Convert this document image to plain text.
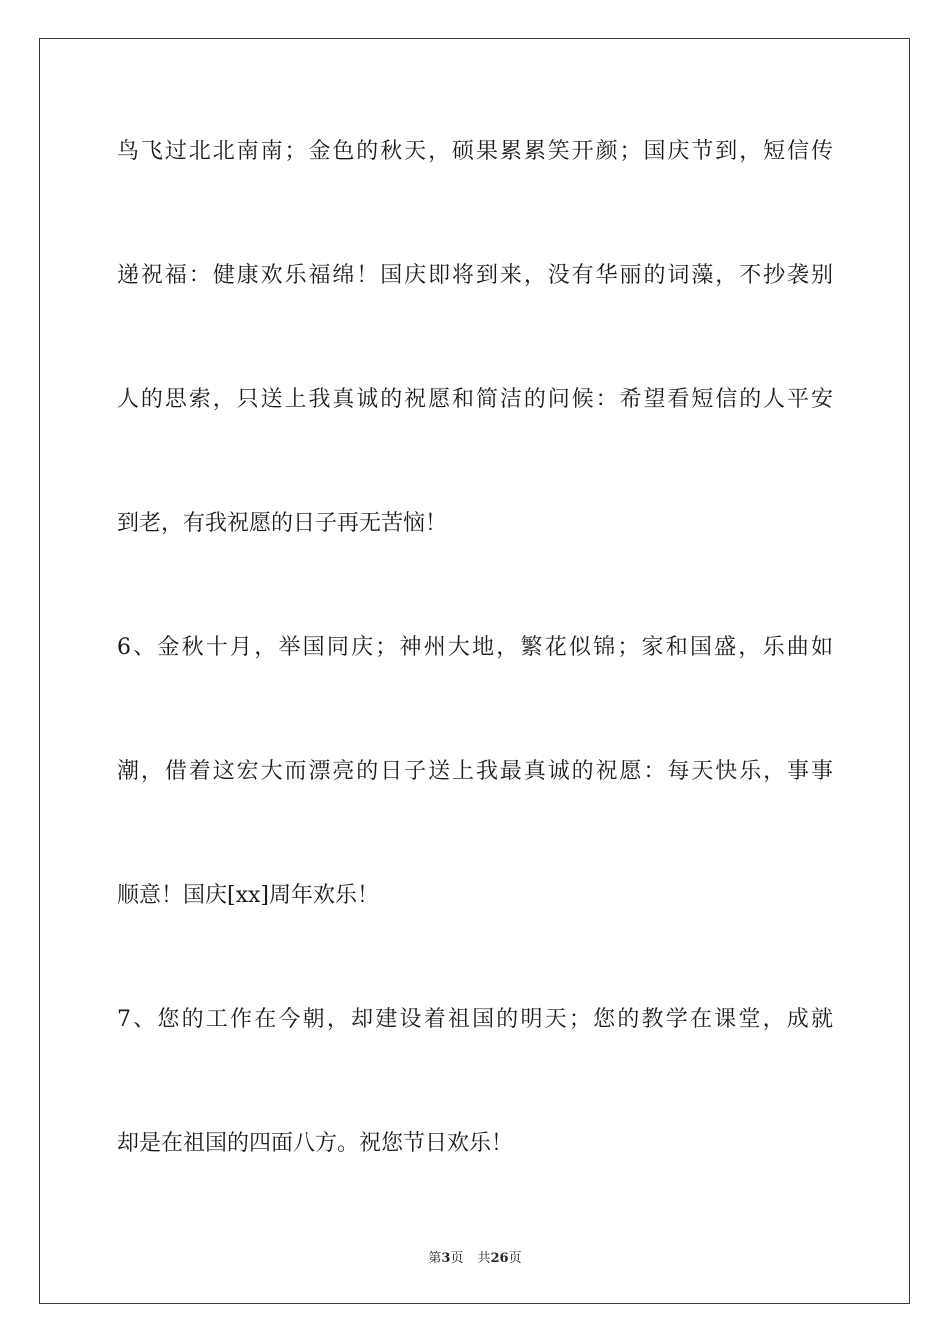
鸟飞过北北南南；金色的秋天，硕果累累笑开颜；国庆节到，短信传
递祝福：健康欢乐福绵！国庆即将到来，没有华丽的词藻，不抄袭别
人的思索，只送上我真诚的祝愿和简洁的问候：希望看短信的人平安
到老，有我祝愿的日子再无苦恼！
6、金秋十月，举国同庆；神州大地，繁花似锦；家和国盛，乐曲如
潮，借着这宏大而漂亮的日子送上我最真诚的祝愿：每天快乐，事事
顺意！国庆[xx]周年欢乐！
7、您的工作在今朝，却建设着祖国的明天；您的教学在课堂，成就
却是在祖国的四面八方。祝您节日欢乐！
第3页 共26页
